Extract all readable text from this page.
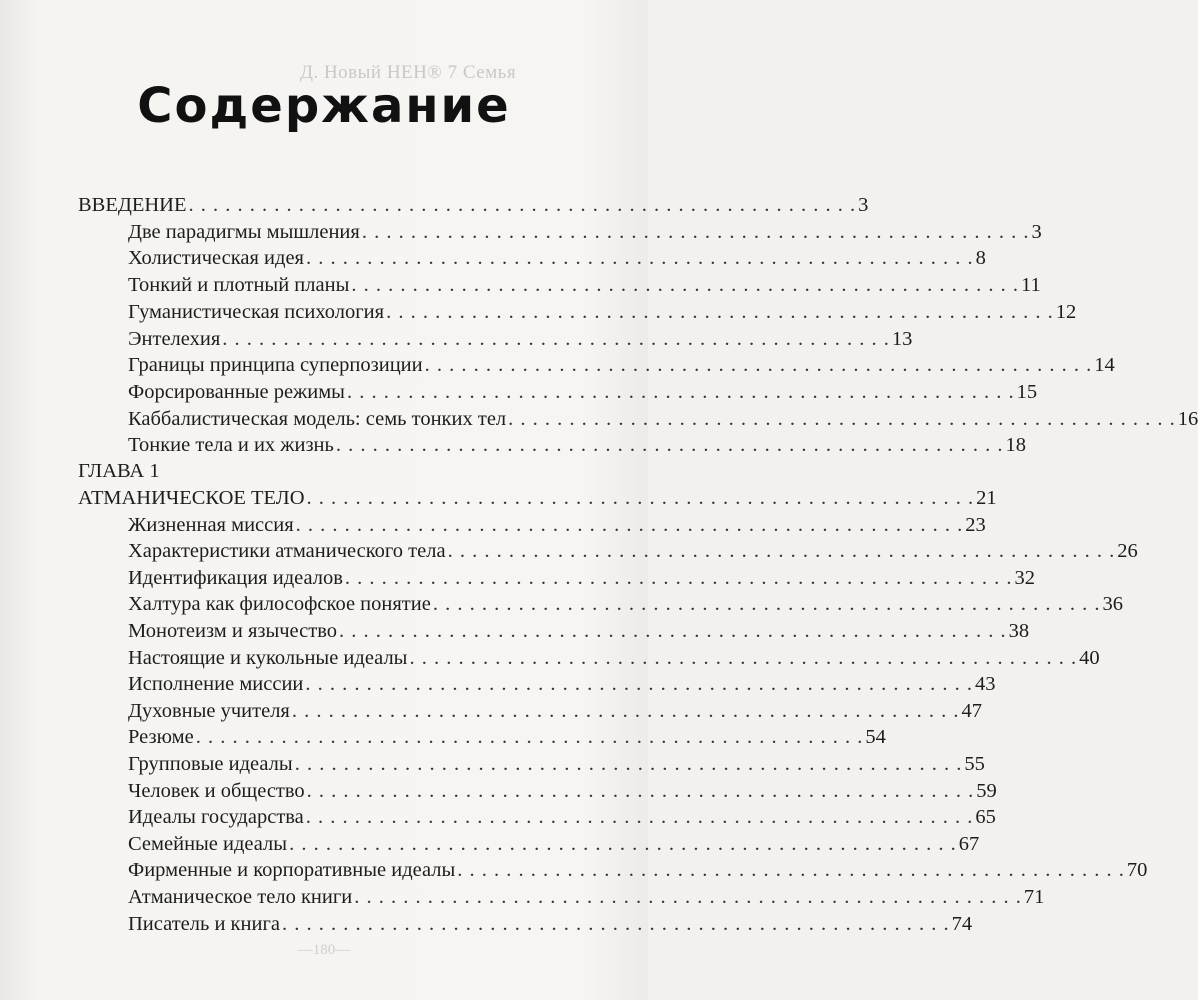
Д. Новый НЕН® 7 Семья
Содержание
ВВЕДЕНИЕ . . . . . . . . . . . . . . . . . . . . . . . . . . . . . . . . . . . . . . . . . . . . . . . . . . . . . . . 3
Две парадигмы мышления . . . . . . . . . . . . . . . . . . . . . . . . . . . . . . . . . . . . . . . . . . . . . . . . . . . . . . . 3
Холистическая идея . . . . . . . . . . . . . . . . . . . . . . . . . . . . . . . . . . . . . . . . . . . . . . . . . . . . . . . 8
Тонкий и плотный планы . . . . . . . . . . . . . . . . . . . . . . . . . . . . . . . . . . . . . . . . . . . . . . . . . . . . . . . 11
Гуманистическая психология . . . . . . . . . . . . . . . . . . . . . . . . . . . . . . . . . . . . . . . . . . . . . . . . . . . . . . . 12
Энтелехия . . . . . . . . . . . . . . . . . . . . . . . . . . . . . . . . . . . . . . . . . . . . . . . . . . . . . . . 13
Границы принципа суперпозиции . . . . . . . . . . . . . . . . . . . . . . . . . . . . . . . . . . . . . . . . . . . . . . . . . . . . . . . 14
Форсированные режимы . . . . . . . . . . . . . . . . . . . . . . . . . . . . . . . . . . . . . . . . . . . . . . . . . . . . . . . 15
Каббалистическая модель: семь тонких тел . . . . . . . . . . . . . . . . . . . . . . . . . . . . . . . . . . . . . . . . . . . . . . . . . . . . . . . 16
Тонкие тела и их жизнь . . . . . . . . . . . . . . . . . . . . . . . . . . . . . . . . . . . . . . . . . . . . . . . . . . . . . . . 18
ГЛАВА 1
АТМАНИЧЕСКОЕ ТЕЛО . . . . . . . . . . . . . . . . . . . . . . . . . . . . . . . . . . . . . . . . . . . . . . . . . . . . . . . 21
Жизненная миссия . . . . . . . . . . . . . . . . . . . . . . . . . . . . . . . . . . . . . . . . . . . . . . . . . . . . . . . 23
Характеристики атманического тела . . . . . . . . . . . . . . . . . . . . . . . . . . . . . . . . . . . . . . . . . . . . . . . . . . . . . . . 26
Идентификация идеалов . . . . . . . . . . . . . . . . . . . . . . . . . . . . . . . . . . . . . . . . . . . . . . . . . . . . . . . 32
Халтура как философское понятие . . . . . . . . . . . . . . . . . . . . . . . . . . . . . . . . . . . . . . . . . . . . . . . . . . . . . . . 36
Монотеизм и язычество . . . . . . . . . . . . . . . . . . . . . . . . . . . . . . . . . . . . . . . . . . . . . . . . . . . . . . . 38
Настоящие и кукольные идеалы . . . . . . . . . . . . . . . . . . . . . . . . . . . . . . . . . . . . . . . . . . . . . . . . . . . . . . . 40
Исполнение миссии . . . . . . . . . . . . . . . . . . . . . . . . . . . . . . . . . . . . . . . . . . . . . . . . . . . . . . . 43
Духовные учителя . . . . . . . . . . . . . . . . . . . . . . . . . . . . . . . . . . . . . . . . . . . . . . . . . . . . . . . 47
Резюме . . . . . . . . . . . . . . . . . . . . . . . . . . . . . . . . . . . . . . . . . . . . . . . . . . . . . . . 54
Групповые идеалы . . . . . . . . . . . . . . . . . . . . . . . . . . . . . . . . . . . . . . . . . . . . . . . . . . . . . . . 55
Человек и общество . . . . . . . . . . . . . . . . . . . . . . . . . . . . . . . . . . . . . . . . . . . . . . . . . . . . . . . 59
Идеалы государства . . . . . . . . . . . . . . . . . . . . . . . . . . . . . . . . . . . . . . . . . . . . . . . . . . . . . . . 65
Семейные идеалы . . . . . . . . . . . . . . . . . . . . . . . . . . . . . . . . . . . . . . . . . . . . . . . . . . . . . . . 67
Фирменные и корпоративные идеалы . . . . . . . . . . . . . . . . . . . . . . . . . . . . . . . . . . . . . . . . . . . . . . . . . . . . . . . 70
Атманическое тело книги . . . . . . . . . . . . . . . . . . . . . . . . . . . . . . . . . . . . . . . . . . . . . . . . . . . . . . . 71
Писатель и книга . . . . . . . . . . . . . . . . . . . . . . . . . . . . . . . . . . . . . . . . . . . . . . . . . . . . . . . 74
—180—
